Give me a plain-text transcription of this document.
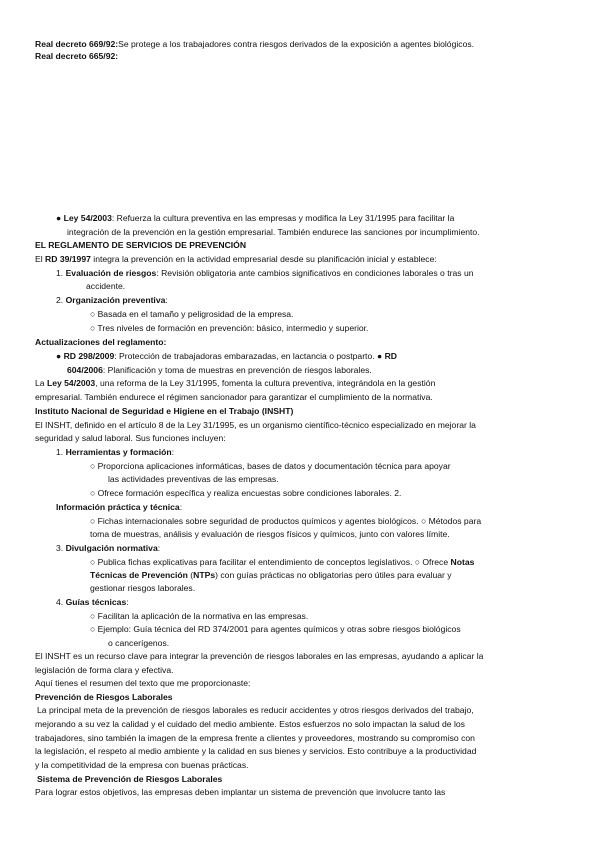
Real decreto 669/92:Se protege a los trabajadores contra riesgos derivados de la exposición a agentes biológicos.
Real decreto 665/92:
● Ley 54/2003: Refuerza la cultura preventiva en las empresas y modifica la Ley 31/1995 para facilitar la
integración de la prevención en la gestión empresarial. También endurece las sanciones por incumplimiento.
EL REGLAMENTO DE SERVICIOS DE PREVENCIÓN
El RD 39/1997 integra la prevención en la actividad empresarial desde su planificación inicial y establece:
1. Evaluación de riesgos: Revisión obligatoria ante cambios significativos en condiciones laborales o tras un
accidente.
2. Organización preventiva:
○ Basada en el tamaño y peligrosidad de la empresa.
○ Tres niveles de formación en prevención: básico, intermedio y superior.
Actualizaciones del reglamento:
● RD 298/2009: Protección de trabajadoras embarazadas, en lactancia o postparto. ● RD
604/2006: Planificación y toma de muestras en prevención de riesgos laborales.
La Ley 54/2003, una reforma de la Ley 31/1995, fomenta la cultura preventiva, integrándola en la gestión
empresarial. También endurece el régimen sancionador para garantizar el cumplimiento de la normativa.
Instituto Nacional de Seguridad e Higiene en el Trabajo (INSHT)
El INSHT, definido en el artículo 8 de la Ley 31/1995, es un organismo científico-técnico especializado en mejorar la
seguridad y salud laboral. Sus funciones incluyen:
1. Herramientas y formación:
○ Proporciona aplicaciones informáticas, bases de datos y documentación técnica para apoyar
las actividades preventivas de las empresas.
○ Ofrece formación específica y realiza encuestas sobre condiciones laborales. 2.
Información práctica y técnica:
○ Fichas internacionales sobre seguridad de productos químicos y agentes biológicos. ○ Métodos para
toma de muestras, análisis y evaluación de riesgos físicos y químicos, junto con valores límite.
3. Divulgación normativa:
○ Publica fichas explicativas para facilitar el entendimiento de conceptos legislativos. ○ Ofrece Notas
Técnicas de Prevención (NTPs) con guías prácticas no obligatorias pero útiles para evaluar y
gestionar riesgos laborales.
4. Guías técnicas:
○ Facilitan la aplicación de la normativa en las empresas.
○ Ejemplo: Guía técnica del RD 374/2001 para agentes químicos y otras sobre riesgos biológicos
o cancerígenos.
El INSHT es un recurso clave para integrar la prevención de riesgos laborales en las empresas, ayudando a aplicar la
legislación de forma clara y efectiva.
Aquí tienes el resumen del texto que me proporcionaste:
Prevención de Riesgos Laborales
La principal meta de la prevención de riesgos laborales es reducir accidentes y otros riesgos derivados del trabajo,
mejorando a su vez la calidad y el cuidado del medio ambiente. Estos esfuerzos no solo impactan la salud de los
trabajadores, sino también la imagen de la empresa frente a clientes y proveedores, mostrando su compromiso con
la legislación, el respeto al medio ambiente y la calidad en sus bienes y servicios. Esto contribuye a la productividad
y la competitividad de la empresa con buenas prácticas.
Sistema de Prevención de Riesgos Laborales
Para lograr estos objetivos, las empresas deben implantar un sistema de prevención que involucre tanto las
